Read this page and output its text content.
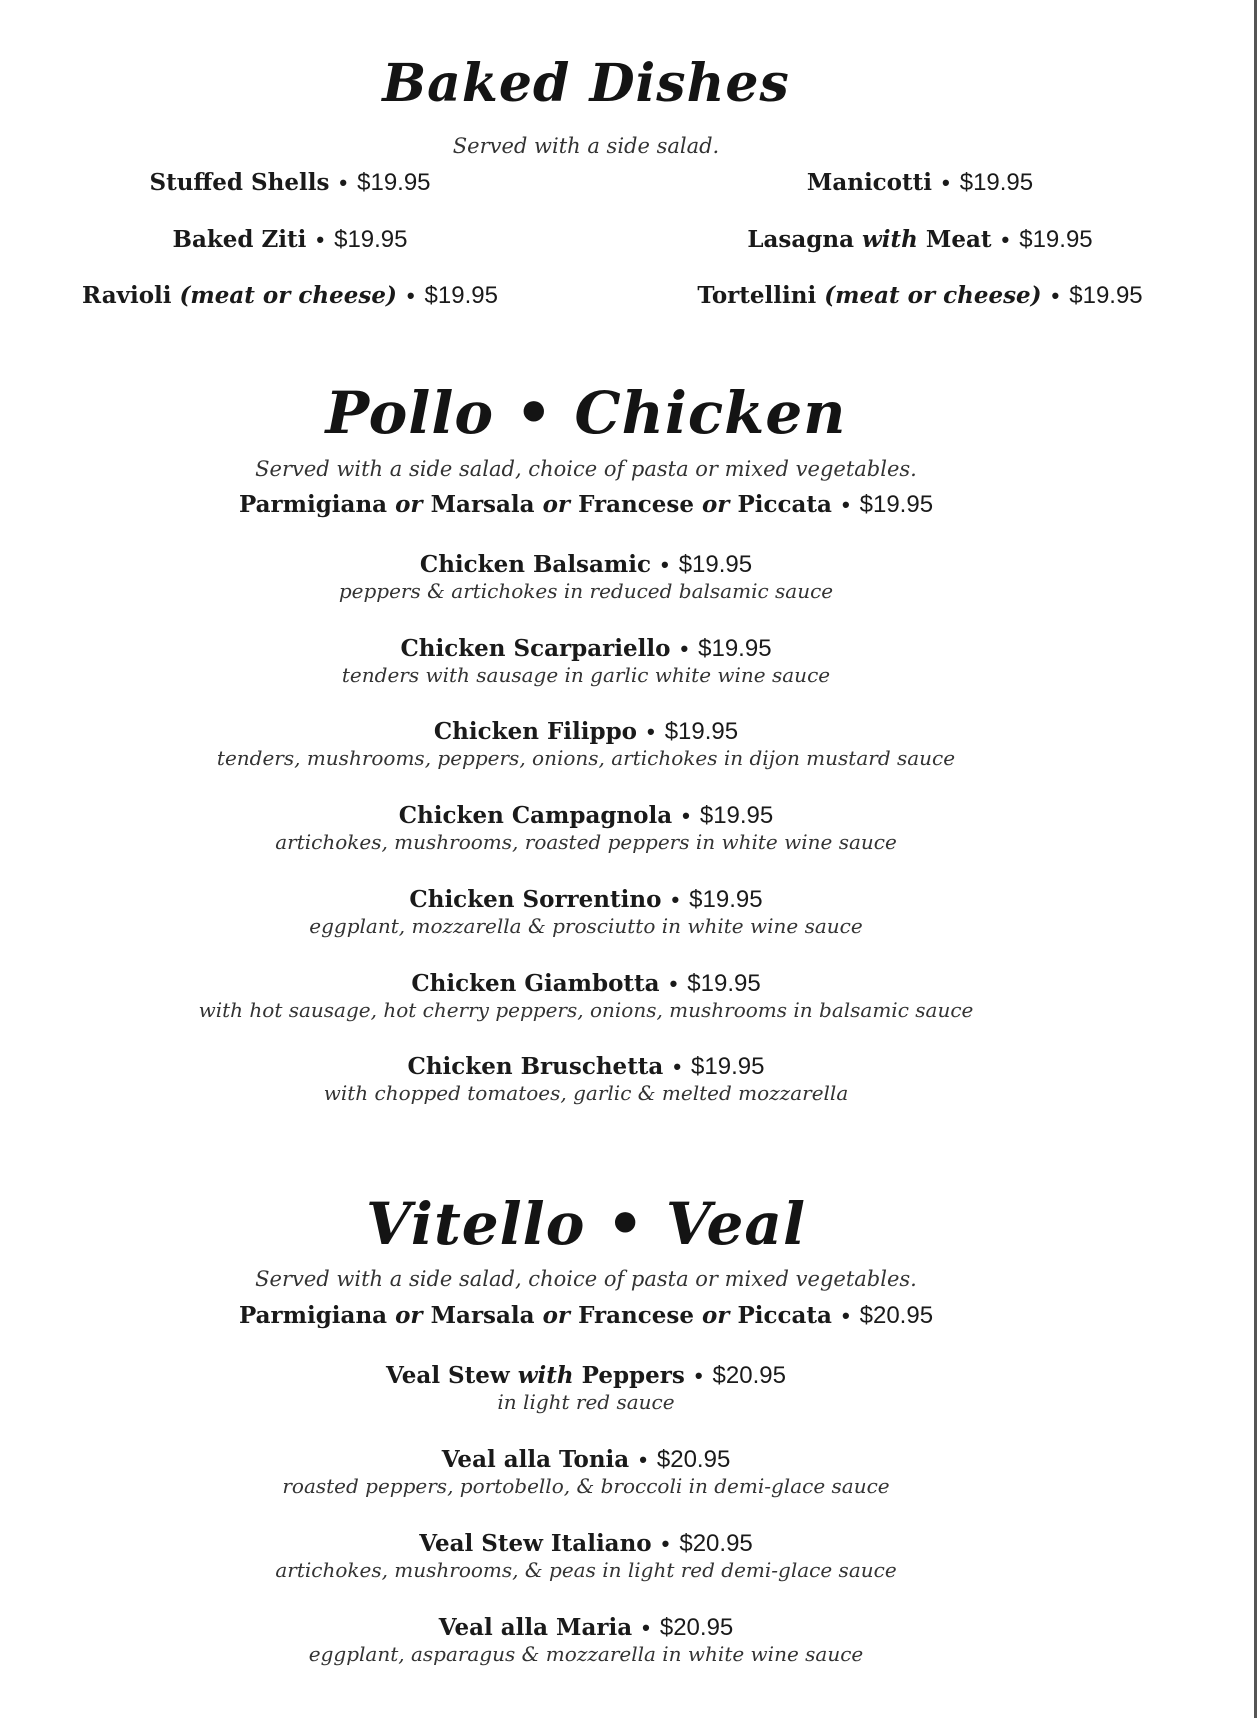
Baked Dishes
Served with a side salad.
Stuffed Shells • $19.95
Baked Ziti • $19.95
Ravioli (meat or cheese) • $19.95
Manicotti • $19.95
Lasagna with Meat • $19.95
Tortellini (meat or cheese) • $19.95
Pollo • Chicken
Served with a side salad, choice of pasta or mixed vegetables.
Parmigiana or Marsala or Francese or Piccata • $19.95
Chicken Balsamic • $19.95
peppers & artichokes in reduced balsamic sauce
Chicken Scarpariello • $19.95
tenders with sausage in garlic white wine sauce
Chicken Filippo • $19.95
tenders, mushrooms, peppers, onions, artichokes in dijon mustard sauce
Chicken Campagnola • $19.95
artichokes, mushrooms, roasted peppers in white wine sauce
Chicken Sorrentino • $19.95
eggplant, mozzarella & prosciutto in white wine sauce
Chicken Giambotta • $19.95
with hot sausage, hot cherry peppers, onions, mushrooms in balsamic sauce
Chicken Bruschetta • $19.95
with chopped tomatoes, garlic & melted mozzarella
Vitello • Veal
Served with a side salad, choice of pasta or mixed vegetables.
Parmigiana or Marsala or Francese or Piccata • $20.95
Veal Stew with Peppers • $20.95
in light red sauce
Veal alla Tonia • $20.95
roasted peppers, portobello, & broccoli in demi-glace sauce
Veal Stew Italiano • $20.95
artichokes, mushrooms, & peas in light red demi-glace sauce
Veal alla Maria • $20.95
eggplant, asparagus & mozzarella in white wine sauce
